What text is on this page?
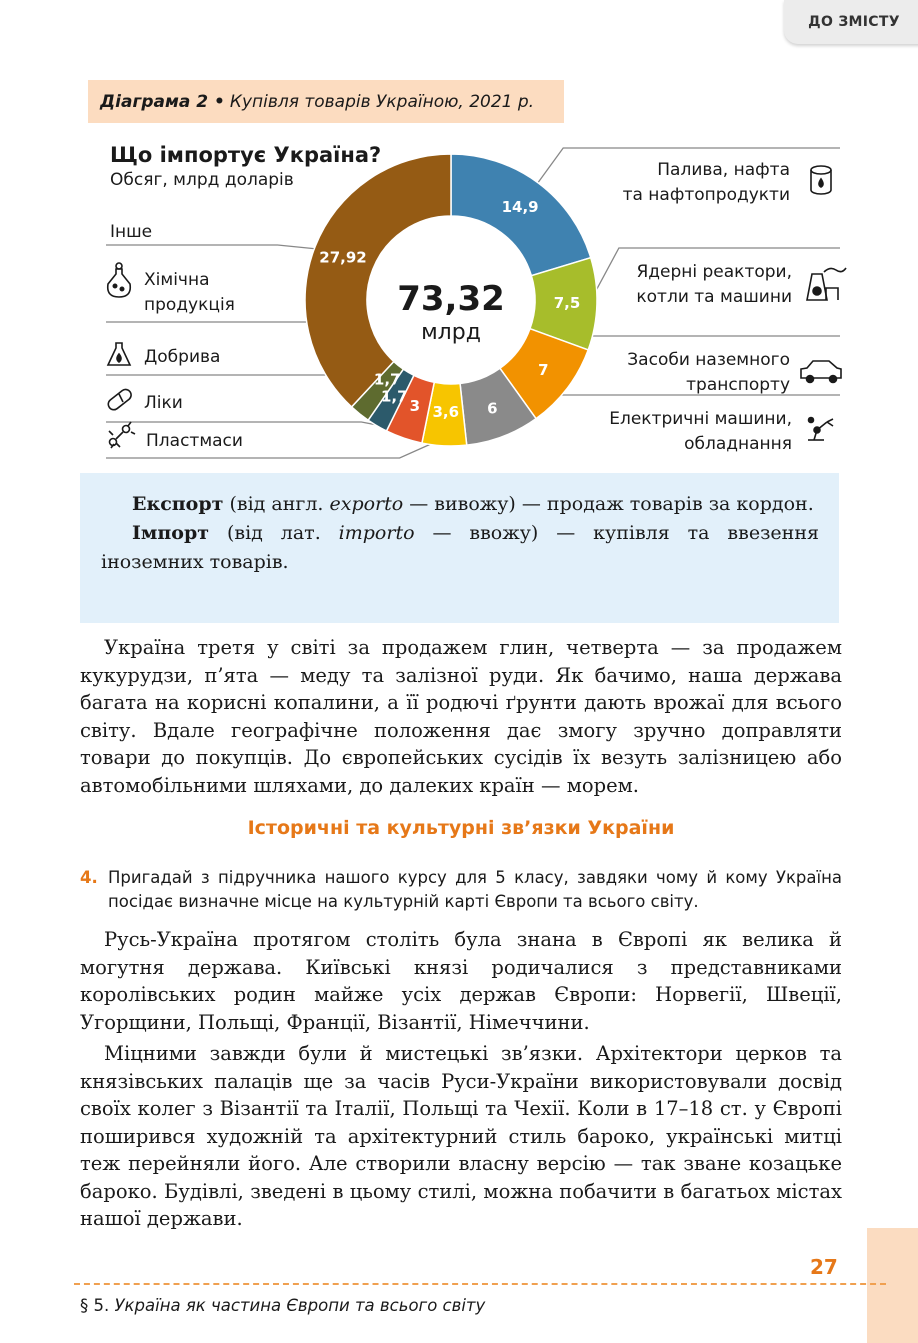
ДО ЗМІСТУ
Діаграма 2 • Купівля товарів Україною, 2021 р.
Що імпортує Україна?
Обсяг, млрд доларів
14,9
7,5
7
6
3,6
3
1,7
1,7
27,92
73,32
млрд
Палива, нафта
та нафтопродукти
Ядерні реактори,
котли та машини
Засоби наземного
транспорту
Електричні машини,
обладнання
Пластмаси
Ліки
Добрива
Хімічна
продукція
Інше

Експорт (від англ. exporto — вивожу) — продаж товарів за кордон.

Імпорт (від лат. importo — ввожу) — купівля та ввезення іноземних товарів.

Україна третя у світі за продажем глин, четверта — за продажем кукурудзи, п’ята — меду та залізної руди. Як бачимо, наша держава багата на корисні копалини, а її родючі ґрунти дають врожаї для всього світу. Вдале географічне положення дає змогу зручно доправляти товари до покупців. До європейських сусідів їх везуть залізницею або автомобільними шляхами, до далеких країн — морем.

Історичні та культурні зв’язки України
4. Пригадай з підручника нашого курсу для 5 класу, завдяки чому й кому Україна посідає визначне місце на культурній карті Європи та всього світу.

Русь-Україна протягом століть була знана в Європі як велика й могутня держава. Київські князі родичалися з представниками королівських родин майже усіх держав Європи: Норвегії, Швеції, Угорщини, Польщі, Франції, Візантії, Німеччини.

Міцними завжди були й мистецькі зв’язки. Архітектори церков та князівських палаців ще за часів Руси-України використовували досвід своїх колег з Візантії та Італії, Польщі та Чехії. Коли в 17–18 ст. у Європі поширився художній та архітектурний стиль бароко, українські митці теж перейняли його. Але створили власну версію — так зване козацьке бароко. Будівлі, зведені в цьому стилі, можна побачити в багатьох містах нашої держави.

27
§ 5. Україна як частина Європи та всього світу
